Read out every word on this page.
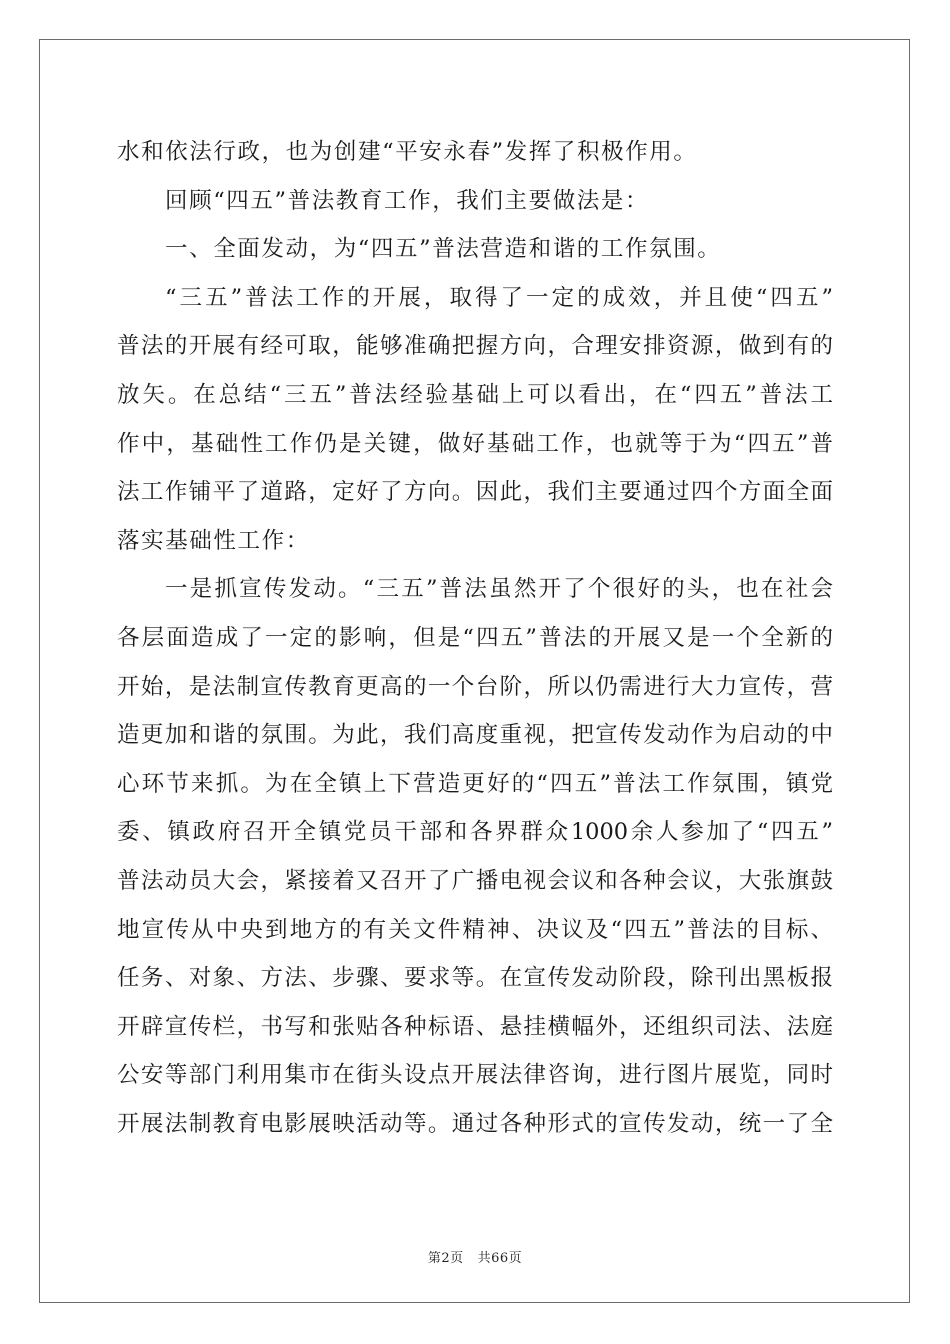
水和依法行政，也为创建“平安永春”发挥了积极作用。
回顾“四五”普法教育工作，我们主要做法是：
一、全面发动，为“四五”普法营造和谐的工作氛围。
“三五”普法工作的开展，取得了一定的成效，并且使“四五”
普法的开展有经可取，能够准确把握方向，合理安排资源，做到有的
放矢。在总结“三五”普法经验基础上可以看出，在“四五”普法工
作中，基础性工作仍是关键，做好基础工作，也就等于为“四五”普
法工作铺平了道路，定好了方向。因此，我们主要通过四个方面全面
落实基础性工作：
一是抓宣传发动。“三五”普法虽然开了个很好的头，也在社会
各层面造成了一定的影响，但是“四五”普法的开展又是一个全新的
开始，是法制宣传教育更高的一个台阶，所以仍需进行大力宣传，营
造更加和谐的氛围。为此，我们高度重视，把宣传发动作为启动的中
心环节来抓。为在全镇上下营造更好的“四五”普法工作氛围，镇党
委、镇政府召开全镇党员干部和各界群众1000余人参加了“四五”
普法动员大会，紧接着又召开了广播电视会议和各种会议，大张旗鼓
地宣传从中央到地方的有关文件精神、决议及“四五”普法的目标、
任务、对象、方法、步骤、要求等。在宣传发动阶段，除刊出黑板报
开辟宣传栏，书写和张贴各种标语、悬挂横幅外，还组织司法、法庭
公安等部门利用集市在街头设点开展法律咨询，进行图片展览，同时
开展法制教育电影展映活动等。通过各种形式的宣传发动，统一了全
第2页 共66页
